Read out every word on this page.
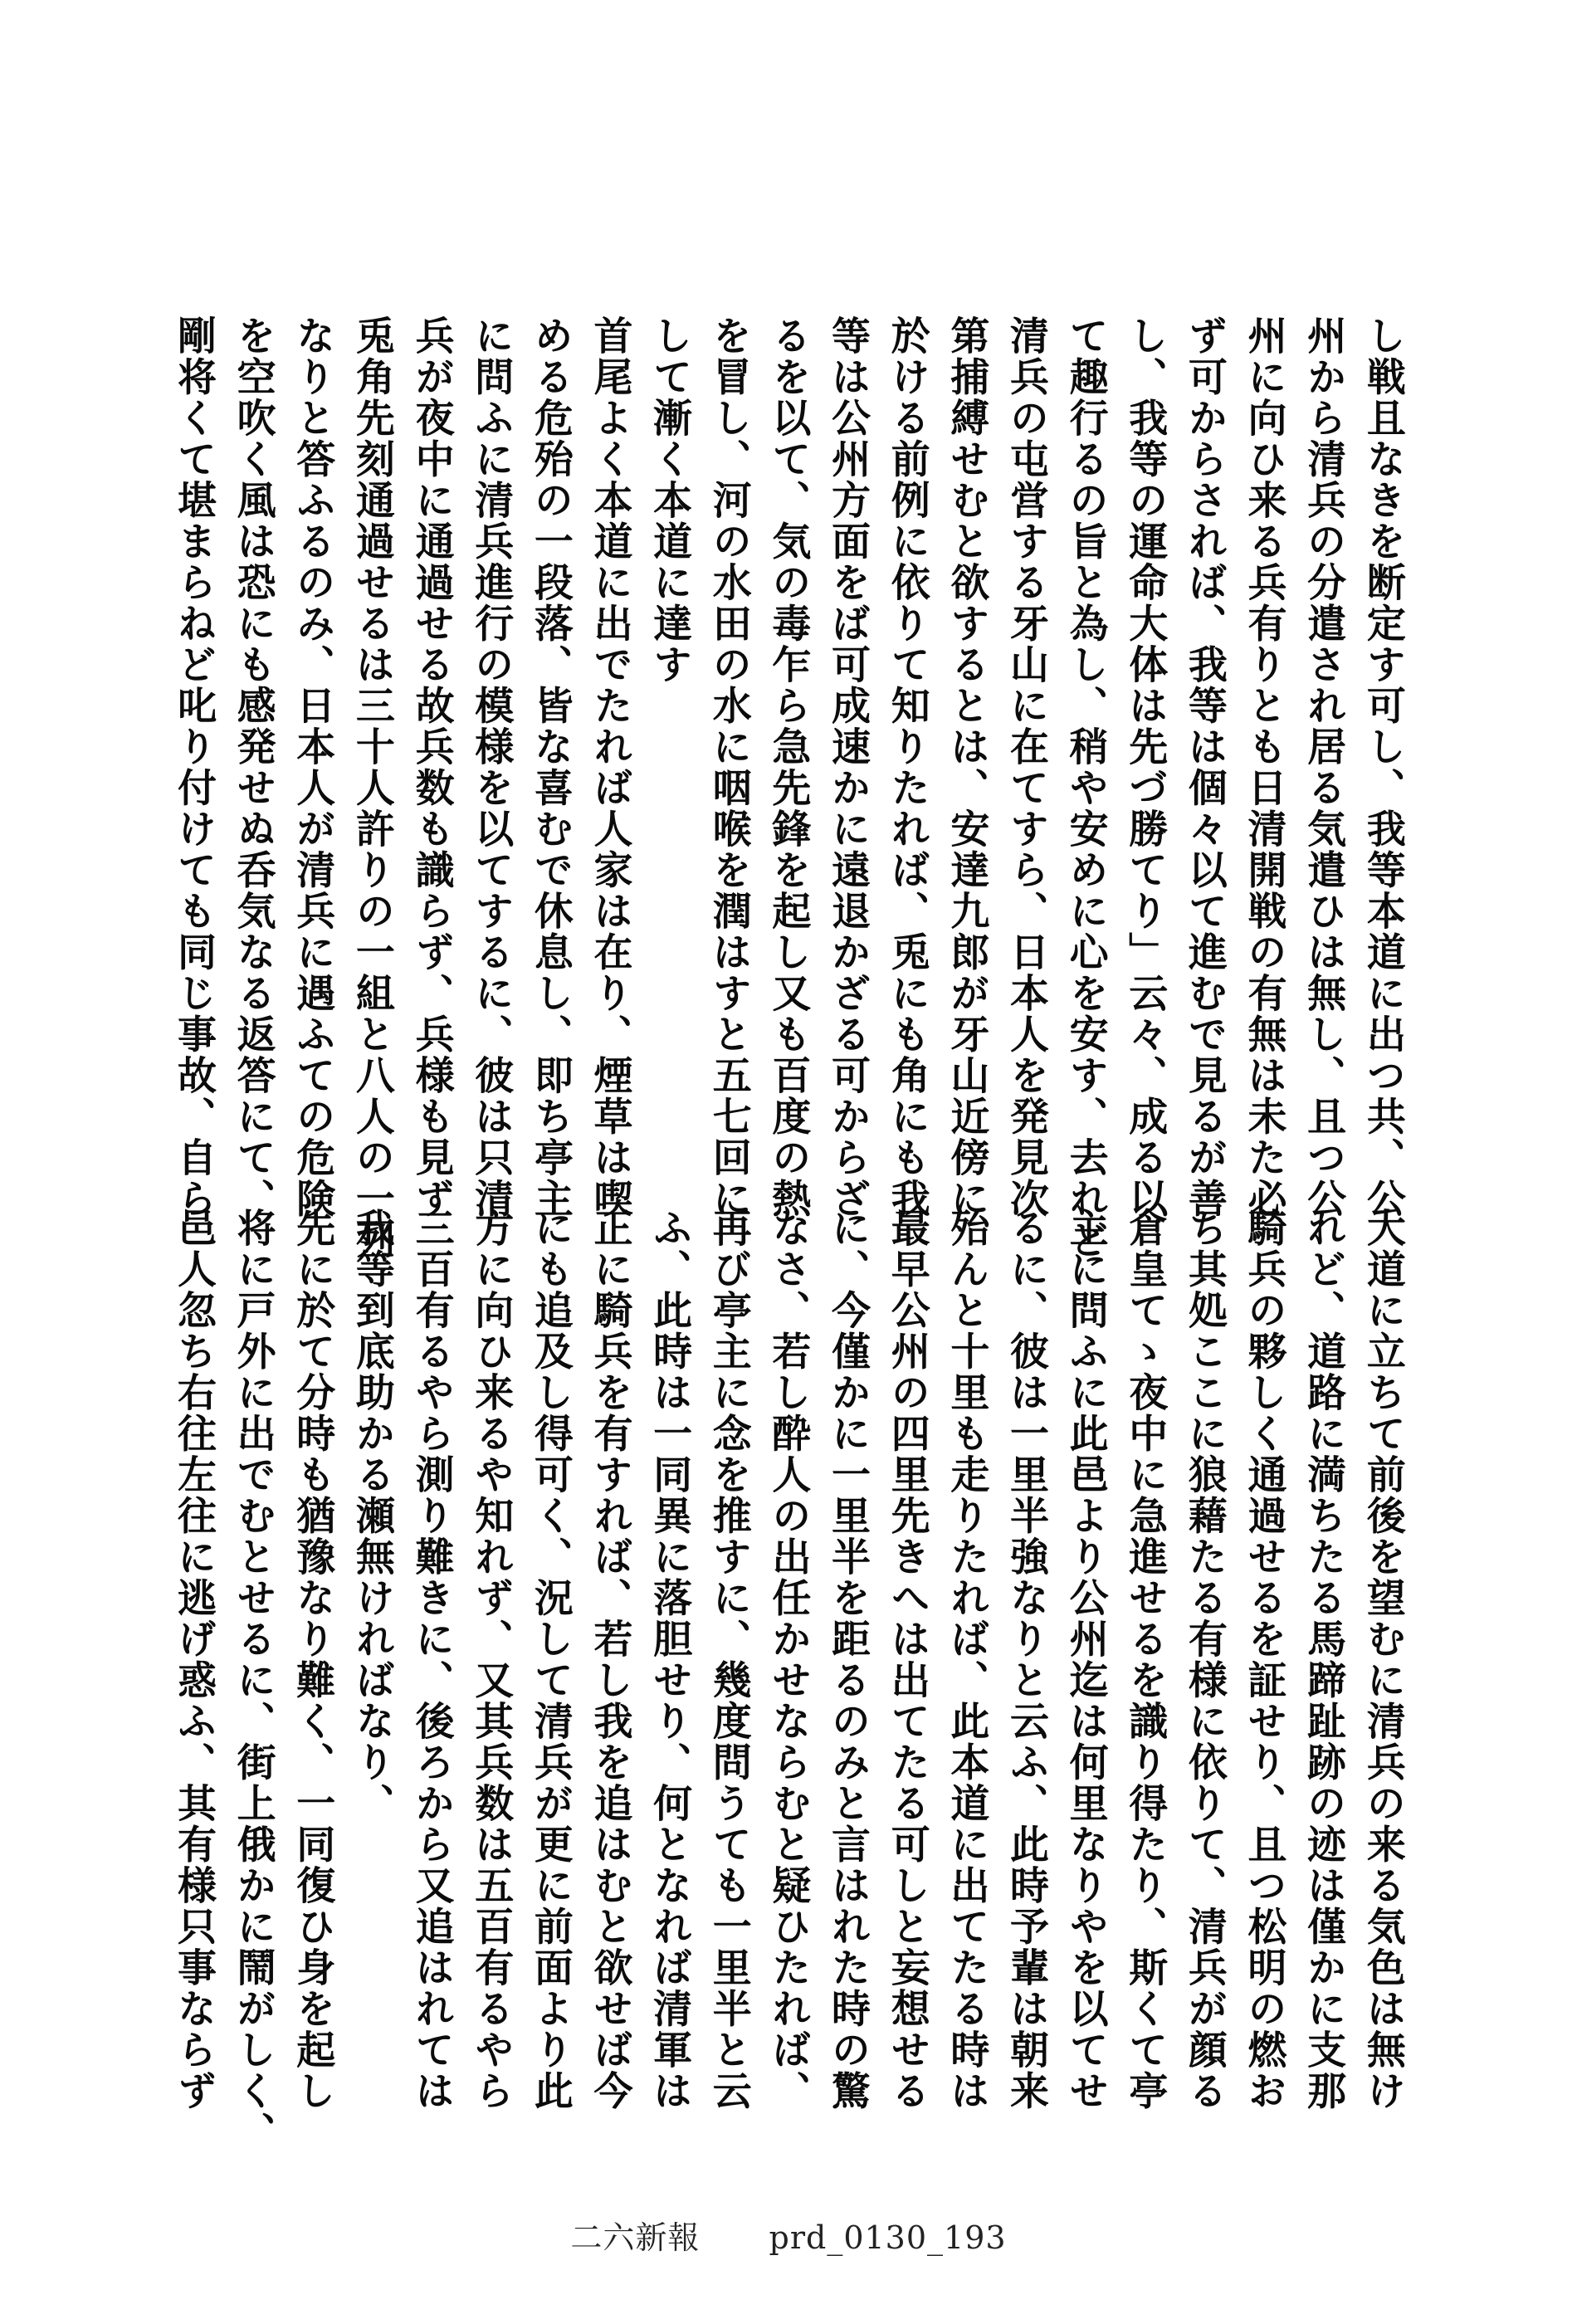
し戦且なきを断定す可し、我等本道に出つ共、公
州から清兵の分遣され居る気遣ひは無し、且つ公
州に向ひ来る兵有りとも日清開戦の有無は未た必
ず可からされば、我等は個々以て進むで見るが善
し、我等の運命大体は先づ勝てり」云々、成る以
て趣行るの旨と為し、稍や安めに心を安す、去れど
清兵の屯営する牙山に在てすら、日本人を発見次
第捕縛せむと欲するとは、安達九郎が牙山近傍に
於ける前例に依りて知りたれば、兎にも角にも我
等は公州方面をば可成速かに遠退かざる可からざ
るを以て、気の毒乍ら急先鋒を起し又も百度の熱
を冒し、河の水田の水に咽喉を潤はすと五七回に
して漸く本道に達す
首尾よく本道に出でたれば人家は在り、煙草は喫
める危殆の一段落、皆な喜むで休息し、即ち亭主
に問ふに清兵進行の模様を以てするに、彼は只清
兵が夜中に通過せる故兵数も識らず、兵様も見ず
兎角先刻通過せるは三十人許りの一組と八人の一列
なりと答ふるのみ、日本人が清兵に遇ふての危険
を空吹く風は恐にも感発せぬ呑気なる返答にて、
剛将くて堪まらねど叱り付けても同じ事故、自ら
大道に立ちて前後を望むに清兵の来る気色は無け
れど、道路に満ちたる馬蹄趾跡の迹は僅かに支那
騎兵の夥しく通過せるを証せり、且つ松明の燃お
ち其処ここに狼藉たる有様に依りて、清兵が顔る
倉皇てゝ夜中に急進せるを識り得たり、斯くて亭
主に問ふに此邑より公州迄は何里なりやを以てせ
るに、彼は一里半強なりと云ふ、此時予輩は朝来
殆んと十里も走りたれば、此本道に出てたる時は
最早公州の四里先きへは出てたる可しと妄想せる
に、今僅かに一里半を距るのみと言はれた時の驚
なさ、若し酔人の出任かせならむと疑ひたれば、
再び亭主に念を推すに、幾度問うても一里半と云
ふ、此時は一同異に落胆せり、何となれば清軍は
正に騎兵を有すれば、若し我を追はむと欲せば今
にも追及し得可く、況して清兵が更に前面より此
方に向ひ来るや知れず、又其兵数は五百有るやら
三百有るやら測り難きに、後ろから又追はれては
我等到底助かる瀬無ければなり、
先に於て分時も猶豫なり難く、一同復ひ身を起し
将に戸外に出でむとせるに、街上俄かに鬧がしく、
邑人忽ち右往左往に逃げ惑ふ、其有様只事ならず
二六新報 prd_0130_193
